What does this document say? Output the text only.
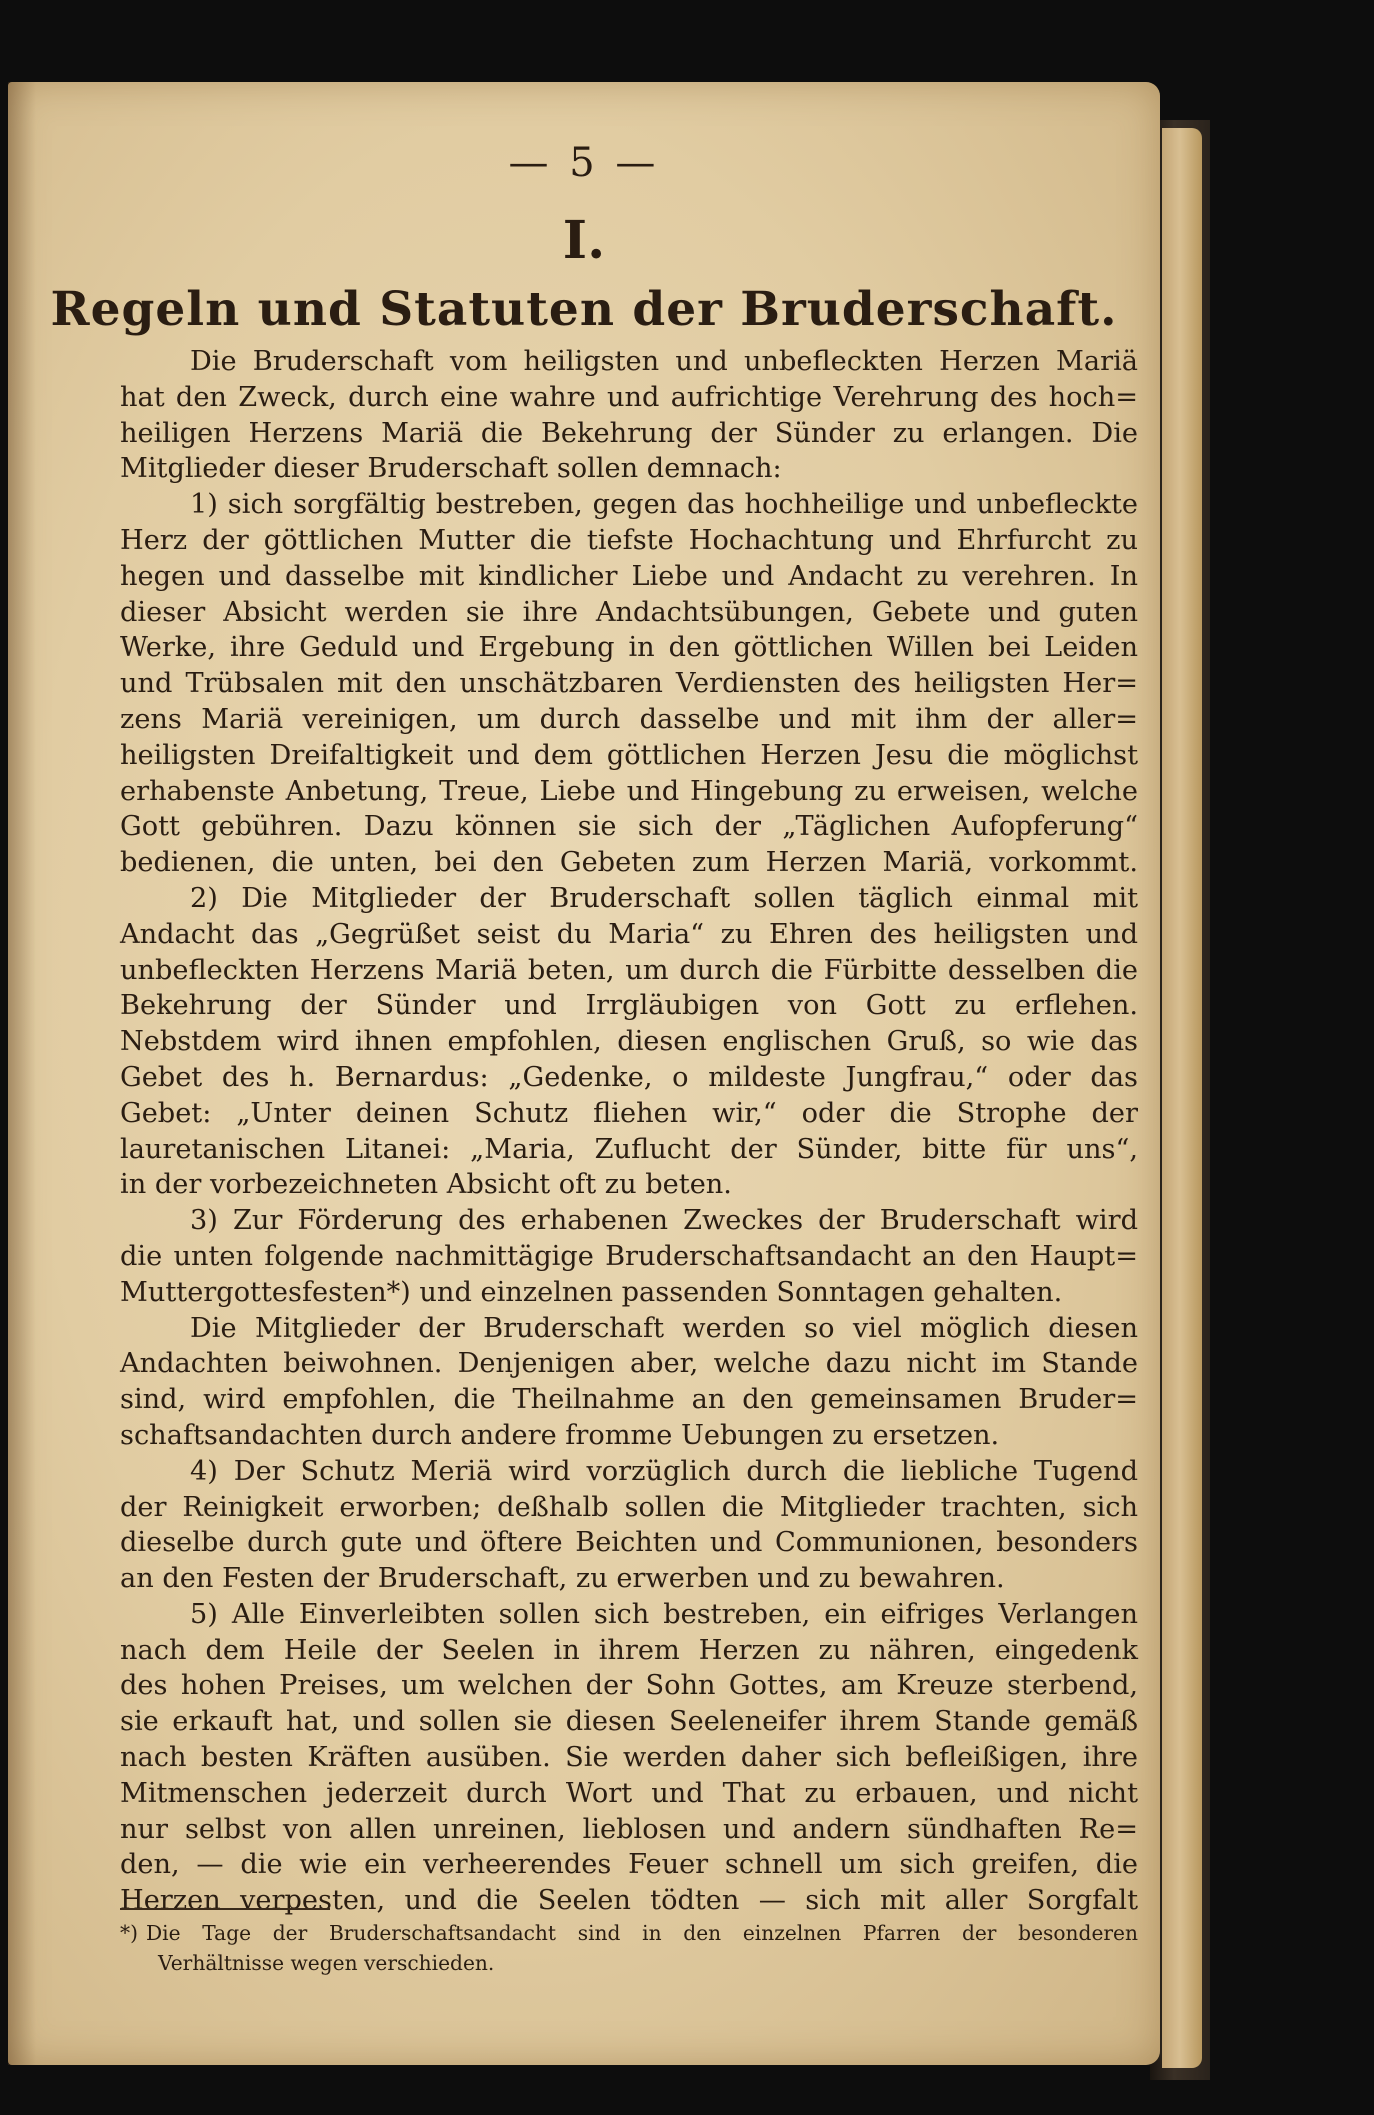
— 5 —
I.
Regeln und Statuten der Bruderschaft.
Die Bruderschaft vom heiligsten und unbefleckten Herzen Mariä
hat den Zweck, durch eine wahre und aufrichtige Verehrung des hoch=
heiligen Herzens Mariä die Bekehrung der Sünder zu erlangen. Die
Mitglieder dieser Bruderschaft sollen demnach:
1) sich sorgfältig bestreben, gegen das hochheilige und unbefleckte
Herz der göttlichen Mutter die tiefste Hochachtung und Ehrfurcht zu
hegen und dasselbe mit kindlicher Liebe und Andacht zu verehren. In
dieser Absicht werden sie ihre Andachtsübungen, Gebete und guten
Werke, ihre Geduld und Ergebung in den göttlichen Willen bei Leiden
und Trübsalen mit den unschätzbaren Verdiensten des heiligsten Her=
zens Mariä vereinigen, um durch dasselbe und mit ihm der aller=
heiligsten Dreifaltigkeit und dem göttlichen Herzen Jesu die möglichst
erhabenste Anbetung, Treue, Liebe und Hingebung zu erweisen, welche
Gott gebühren. Dazu können sie sich der „Täglichen Aufopferung“
bedienen, die unten, bei den Gebeten zum Herzen Mariä, vorkommt.
2) Die Mitglieder der Bruderschaft sollen täglich einmal mit
Andacht das „Gegrüßet seist du Maria“ zu Ehren des heiligsten und
unbefleckten Herzens Mariä beten, um durch die Fürbitte desselben die
Bekehrung der Sünder und Irrgläubigen von Gott zu erflehen.
Nebstdem wird ihnen empfohlen, diesen englischen Gruß, so wie das
Gebet des h. Bernardus: „Gedenke, o mildeste Jungfrau,“ oder das
Gebet: „Unter deinen Schutz fliehen wir,“ oder die Strophe der
lauretanischen Litanei: „Maria, Zuflucht der Sünder, bitte für uns“,
in der vorbezeichneten Absicht oft zu beten.
3) Zur Förderung des erhabenen Zweckes der Bruderschaft wird
die unten folgende nachmittägige Bruderschaftsandacht an den Haupt=
Muttergottesfesten*) und einzelnen passenden Sonntagen gehalten.
Die Mitglieder der Bruderschaft werden so viel möglich diesen
Andachten beiwohnen. Denjenigen aber, welche dazu nicht im Stande
sind, wird empfohlen, die Theilnahme an den gemeinsamen Bruder=
schaftsandachten durch andere fromme Uebungen zu ersetzen.
4) Der Schutz Meriä wird vorzüglich durch die liebliche Tugend
der Reinigkeit erworben; deßhalb sollen die Mitglieder trachten, sich
dieselbe durch gute und öftere Beichten und Communionen, besonders
an den Festen der Bruderschaft, zu erwerben und zu bewahren.
5) Alle Einverleibten sollen sich bestreben, ein eifriges Verlangen
nach dem Heile der Seelen in ihrem Herzen zu nähren, eingedenk
des hohen Preises, um welchen der Sohn Gottes, am Kreuze sterbend,
sie erkauft hat, und sollen sie diesen Seeleneifer ihrem Stande gemäß
nach besten Kräften ausüben. Sie werden daher sich befleißigen, ihre
Mitmenschen jederzeit durch Wort und That zu erbauen, und nicht
nur selbst von allen unreinen, lieblosen und andern sündhaften Re=
den, — die wie ein verheerendes Feuer schnell um sich greifen, die
Herzen verpesten, und die Seelen tödten — sich mit aller Sorgfalt
*) Die Tage der Bruderschaftsandacht sind in den einzelnen Pfarren der besonderen
Verhältnisse wegen verschieden.
